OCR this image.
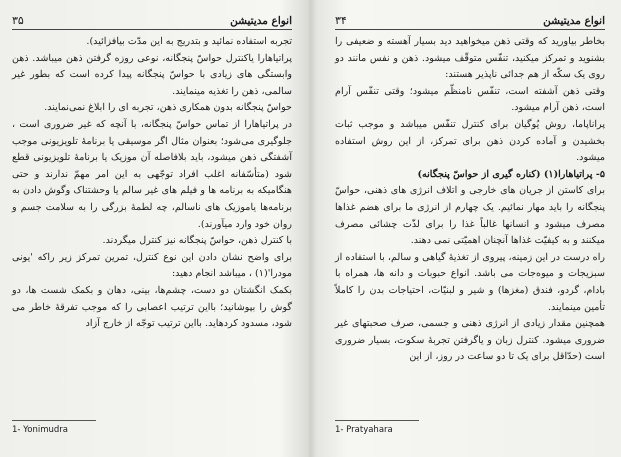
انواع مدیتیشن
۳۵

تجربه استفاده نمائید و بتدریج به این مدّت بیافزائید).

پراتیاهارا یاکنترل حواسّ پنجگانه، نوعی روزه گرفتن ذهن میباشد. ذهن وابستگی های زیادی با حواسّ پنجگانه پیدا کرده است که بطور غیر سالمی، ذهن را تغذیه مینمایند.

حواسّ پنجگانه بدون همکاری ذهن، تجربه ای را ابلاغ نمی‌نمایند.

در پراتیاهارا از تماس حواسّ پنجگانه، با آنچه که غیر ضروری است ، جلوگیری می‌شود؛ بعنوان مثال اگر موسیقی یا برنامهٔ تلویزیونی موجب آشفتگی ذهن میشود، باید بلافاصله آن موزیک یا برنامهٔ تلویزیونی قطع شود (متأسّفانه اغلب افراد توجّهی به این امر مهمّ ندارند و حتی هنگامیکه به برنامه ها و فیلم های غیر سالم یا وحشتناک وگوش دادن به برنامه‌ها یاموزیک های ناسالم، چه لطمهٔ بزرگی را به سلامت جسم و روان خود وارد میآورند).

با کنترل ذهن، حواسّ پنجگانه نیز کنترل میگردند.

برای واضح نشان دادن این نوع کنترل، تمرین تمرکز زیر راکه 'یونی مودرا'(۱) ، میباشد انجام دهید:

بکمک انگشتان دو دست، چشم‌ها، بینی، دهان و بکمک شست ها، دو گوش را بپوشانید؛ بااین ترتیب اعصابی را که موجب تفرقهٔ خاطر می شود، مسدود کردهاید. بااین ترتیب توجّه از خارج آزاد

1- Yonimudra
انواع مدیتیشن
۳۴

بخاطر بیاورید که وقتی ذهن میخواهید دید بسیار آهسته و ضعیفی را بشنوید و تمرکز میکنید، تنفّس متوقّف میشود. ذهن و نفس مانند دو روی یک سکّه از هم جدائی ناپذیر هستند:

وقتی ذهن آشفته است، تنفّس نامنظّم میشود؛ وقتی تنفّس آرام است، ذهن آرام میشود.

پراناپاما، روش یُوگیان برای کنترل تنفّس میباشد و موجب ثبات بخشیدن و آماده کردن ذهن برای تمرکز، از این روش استفاده میشود.

۵- پراتیاهارا(۱) (کناره گیری از حواسّ پنجگانه)

برای کاستن از جریان های خارجی و اتلاف انرژی های ذهنی، حواسّ پنجگانه را باید مهار نمائیم. یک چهارم از انرژی ما برای هضم غذاها مصرف میشود و انسانها غالباً غذا را برای لذّت چشائی مصرف میکنند و به کیفیّت غذاها آنچنان اهمیّتی نمی دهند.

راه درست در این زمینه، پیروی از تغذیهٔ گیاهی و سالم، با استفاده از سبزیجات و میوه‌جات می باشد. انواع حبوبات و دانه ها، همراه با بادام، گردو، فندق (مغزها) و شیر و لبنیّات، احتیاجات بدن را کاملاً تأمین مینمایند.

همچنین مقدار زیادی از انرژی ذهنی و جسمی، صرف صحبتهای غیر ضروری میشود. کنترل زبان و یاگرفتن تجربهٔ سکوت، بسیار ضروری است (حدّاقل برای یک تا دو ساعت در روز، از این

1- Pratyahara
